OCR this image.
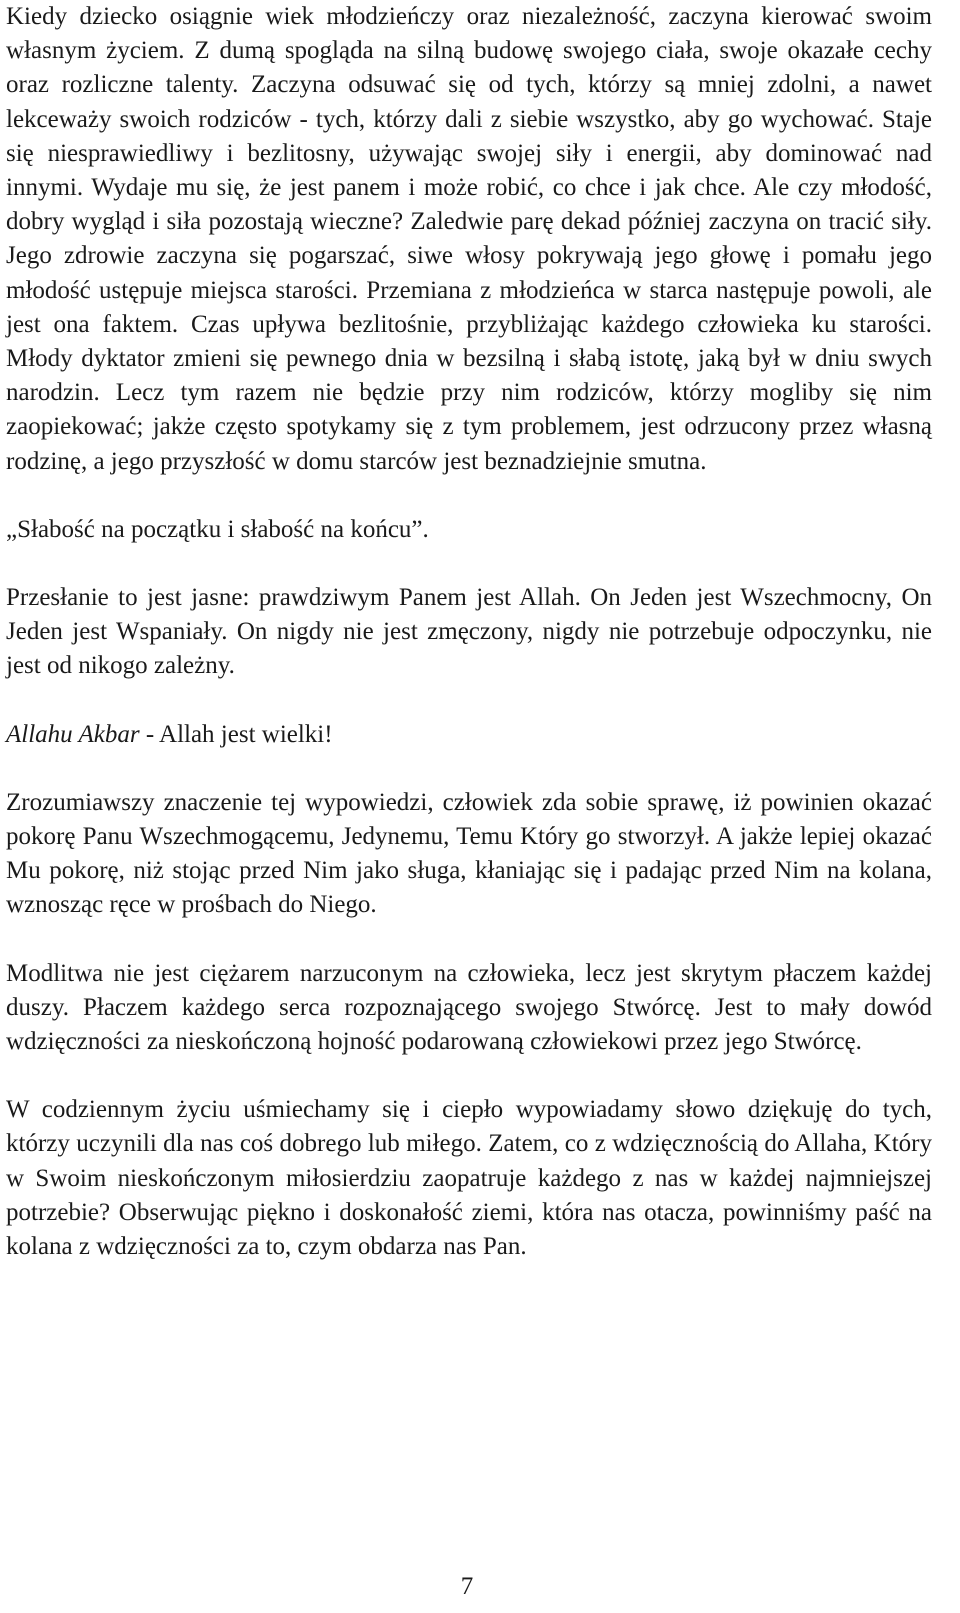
Kiedy dziecko osiągnie wiek młodzieńczy oraz niezależność, zaczyna kierować swoim własnym życiem. Z dumą spogląda na silną budowę swojego ciała, swoje okazałe cechy oraz rozliczne talenty. Zaczyna odsuwać się od tych, którzy są mniej zdolni, a nawet lekceważy swoich rodziców - tych, którzy dali z siebie wszystko, aby go wychować. Staje się niesprawiedliwy i bezlitosny, używając swojej siły i energii, aby dominować nad innymi. Wydaje mu się, że jest panem i może robić, co chce i jak chce. Ale czy młodość, dobry wygląd i siła pozostają wieczne? Zaledwie parę dekad później zaczyna on tracić siły. Jego zdrowie zaczyna się pogarszać, siwe włosy pokrywają jego głowę i pomału jego młodość ustępuje miejsca starości. Przemiana z młodzieńca w starca następuje powoli, ale jest ona faktem. Czas upływa bezlitośnie, przybliżając każdego człowieka ku starości. Młody dyktator zmieni się pewnego dnia w bezsilną i słabą istotę, jaką był w dniu swych narodzin. Lecz tym razem nie będzie przy nim rodziców, którzy mogliby się nim zaopiekować; jakże często spotykamy się z tym problemem, jest odrzucony przez własną rodzinę, a jego przyszłość w domu starców jest beznadziejnie smutna.

„Słabość na początku i słabość na końcu”.

Przesłanie to jest jasne: prawdziwym Panem jest Allah. On Jeden jest Wszechmocny, On Jeden jest Wspaniały. On nigdy nie jest zmęczony, nigdy nie potrzebuje odpoczynku, nie jest od nikogo zależny.

Allahu Akbar - Allah jest wielki!

Zrozumiawszy znaczenie tej wypowiedzi, człowiek zda sobie sprawę, iż powinien okazać pokorę Panu Wszechmogącemu, Jedynemu, Temu Który go stworzył. A jakże lepiej okazać Mu pokorę, niż stojąc przed Nim jako sługa, kłaniając się i padając przed Nim na kolana, wznosząc ręce w prośbach do Niego.

Modlitwa nie jest ciężarem narzuconym na człowieka, lecz jest skrytym płaczem każdej duszy. Płaczem każdego serca rozpoznającego swojego Stwórcę. Jest to mały dowód wdzięczności za nieskończoną hojność podarowaną człowiekowi przez jego Stwórcę.

W codziennym życiu uśmiechamy się i ciepło wypowiadamy słowo dziękuję do tych, którzy uczynili dla nas coś dobrego lub miłego. Zatem, co z wdzięcznością do Allaha, Który w Swoim nieskończonym miłosierdziu zaopatruje każdego z nas w każdej najmniejszej potrzebie? Obserwując piękno i doskonałość ziemi, która nas otacza, powinniśmy paść na kolana z wdzięczności za to, czym obdarza nas Pan.

7
